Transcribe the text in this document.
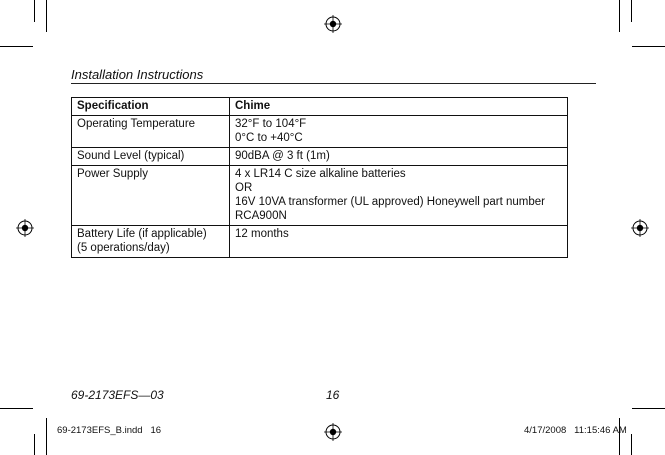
Installation Instructions
Specification	Chime

Operating Temperature	32°F to 104°F
0°C to +40°C

Sound Level (typical)	90dBA @ 3 ft (1m)

Power Supply	4 x LR14 C size alkaline batteries
OR
16V 10VA transformer (UL approved) Honeywell part number
RCA900N

Battery Life (if applicable)
(5 operations/day)	12 months
69-2173EFS—03	16
69-2173EFS_B.indd   16	4/17/2008   11:15:46 AM
